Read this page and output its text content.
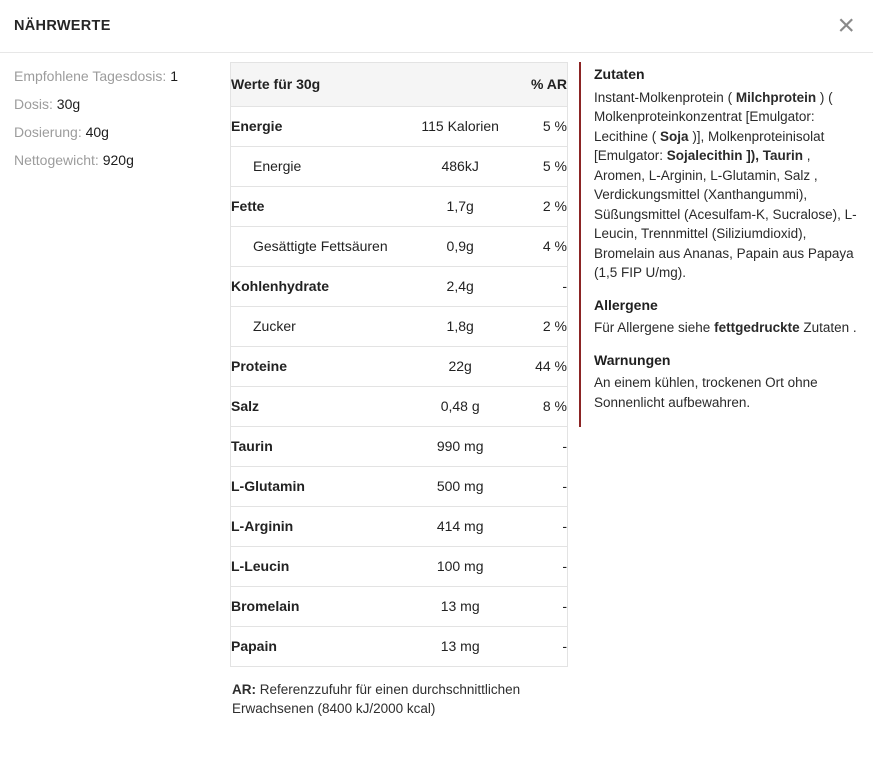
NÄHRWERTE	×
Empfohlene Tagesdosis: 1
Dosis: 30g
Dosierung: 40g
Nettogewicht: 920g
Werte für 30g		% AR
Energie	115 Kalorien	5 %
Energie	486kJ	5 %
Fette	1,7g	2 %
Gesättigte Fettsäuren	0,9g	4 %
Kohlenhydrate	2,4g	-
Zucker	1,8g	2 %
Proteine	22g	44 %
Salz	0,48 g	8 %
Taurin	990 mg	-
L-Glutamin	500 mg	-
L-Arginin	414 mg	-
L-Leucin	100 mg	-
Bromelain	13 mg	-
Papain	13 mg	-
AR: Referenzzufuhr für einen durchschnittlichen Erwachsenen (8400 kJ/2000 kcal)
Zutaten
Instant-Molkenprotein ( Milchprotein ) ( Molkenproteinkonzentrat [Emulgator: Lecithine ( Soja )], Molkenproteinisolat [Emulgator: Sojalecithin ]), Taurin , Aromen, L-Arginin, L-Glutamin, Salz , Verdickungsmittel (Xanthangummi), Süßungsmittel (Acesulfam-K, Sucralose), L-Leucin, Trennmittel (Siliziumdioxid), Bromelain aus Ananas, Papain aus Papaya (1,5 FIP U/mg).
Allergene
Für Allergene siehe fettgedruckte Zutaten .
Warnungen
An einem kühlen, trockenen Ort ohne Sonnenlicht aufbewahren.
